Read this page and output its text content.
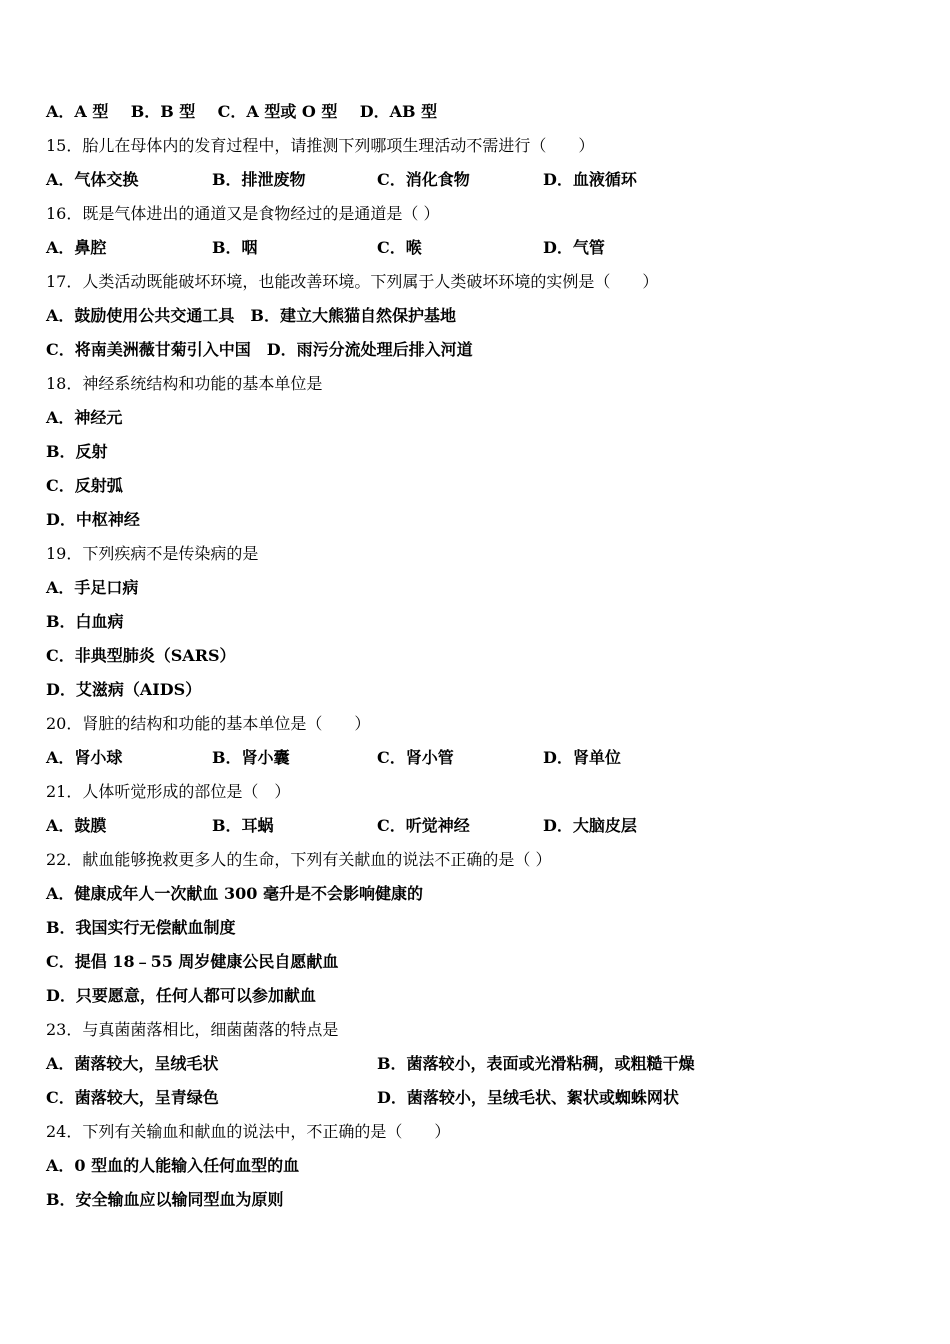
A．A 型 B．B 型 C．A 型或 O 型 D．AB 型
15．胎儿在母体内的发育过程中，请推测下列哪项生理活动不需进行（　　）
A．气体交换	B．排泄废物	C．消化食物	D．血液循环
16．既是气体进出的通道又是食物经过的是通道是（ ）
A．鼻腔	B．咽	C．喉	D．气管
17．人类活动既能破坏环境，也能改善环境。下列属于人类破坏环境的实例是（　　）
A．鼓励使用公共交通工具　B．建立大熊猫自然保护基地
C．将南美洲薇甘菊引入中国　D．雨污分流处理后排入河道
18．神经系统结构和功能的基本单位是
A．神经元
B．反射
C．反射弧
D．中枢神经
19．下列疾病不是传染病的是
A．手足口病
B．白血病
C．非典型肺炎（SARS）
D．艾滋病（AIDS）
20．肾脏的结构和功能的基本单位是（　　）
A．肾小球	B．肾小囊	C．肾小管	D．肾单位
21．人体听觉形成的部位是（　）
A．鼓膜	B．耳蜗	C．听觉神经	D．大脑皮层
22．献血能够挽救更多人的生命，下列有关献血的说法不正确的是（ ）
A．健康成年人一次献血 300 毫升是不会影响健康的
B．我国实行无偿献血制度
C．提倡 18﹣55 周岁健康公民自愿献血
D．只要愿意，任何人都可以参加献血
23．与真菌菌落相比，细菌菌落的特点是
A．菌落较大，呈绒毛状	B．菌落较小，表面或光滑粘稠，或粗糙干燥
C．菌落较大，呈青绿色	D．菌落较小，呈绒毛状、絮状或蜘蛛网状
24．下列有关输血和献血的说法中，不正确的是（　　）
A．0 型血的人能输入任何血型的血
B．安全输血应以输同型血为原则
